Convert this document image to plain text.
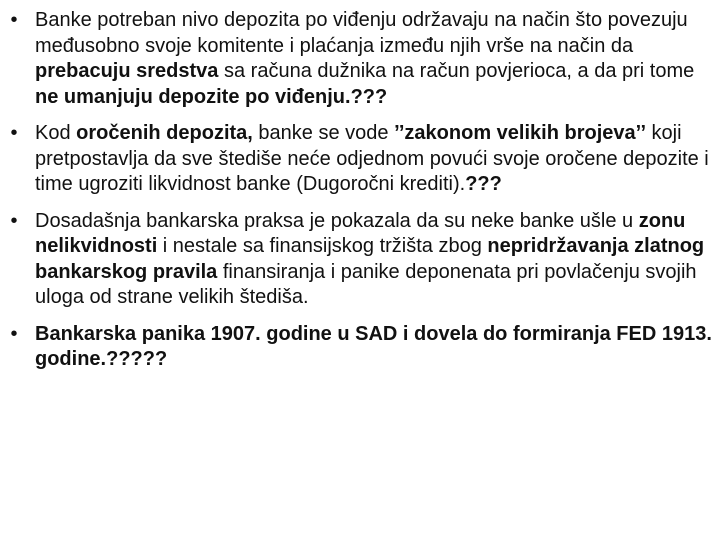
• Banke potreban nivo depozita po viđenju održavaju na način što povezuju međusobno svoje komitente i plaćanja između njih vrše na način da prebacuju sredstva sa računa dužnika na račun povjerioca, a da pri tome ne umanjuju depozite po viđenju.???
• Kod oročenih depozita, banke se vode ’’zakonom velikih brojeva’’ koji pretpostavlja da sve štediše neće odjednom povući svoje oročene depozite i time ugroziti likvidnost banke (Dugoročni krediti).???
• Dosadašnja bankarska praksa je pokazala da su neke banke ušle u zonu nelikvidnosti i nestale sa finansijskog tržišta zbog nepridržavanja zlatnog bankarskog pravila finansiranja i panike deponenata pri povlačenju svojih uloga od strane velikih štediša.
• Bankarska panika 1907. godine u SAD i dovela do formiranja FED 1913. godine.?????
